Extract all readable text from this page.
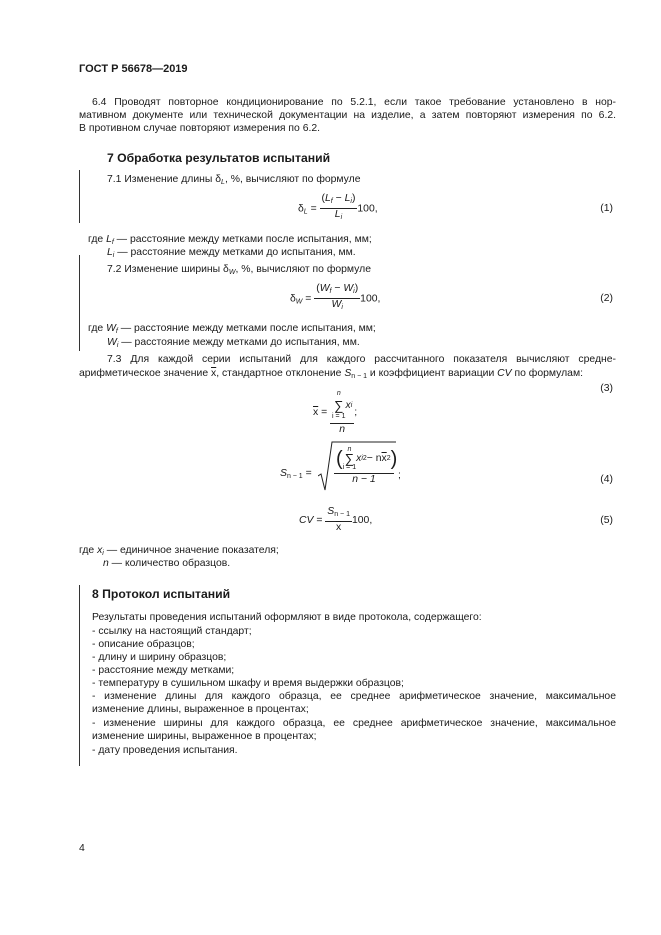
ГОСТ Р 56678—2019
6.4 Проводят повторное кондиционирование по 5.2.1, если такое требование установлено в нор-
мативном документе или технической документации на изделие, а затем повторяют измерения по 6.2.
В противном случае повторяют измерения по 6.2.
7 Обработка результатов испытаний
7.1 Изменение длины $\delta_L$, %, вычисляют по формуле
$\delta_L = \frac{(L_f - L_i)}{L_i} 100$,	(1)
где $L_f$ — расстояние между метками после испытания, мм;
$L_i$ — расстояние между метками до испытания, мм.
7.2 Изменение ширины $\delta_W$, %, вычисляют по формуле
$\delta_W = \frac{(W_f - W_i)}{W_i} 100$,	(2)
где $W_f$ — расстояние между метками после испытания, мм;
$W_i$ — расстояние между метками до испытания, мм.
7.3 Для каждой серии испытаний для каждого рассчитанного показателя вычисляют средне-
арифметическое значение $\overline{x}$, стандартное отклонение $S_{n - 1}$ и коэффициент вариации CV по формулам:
$\overline{x} = n$
∑
i = 1
x i
n ;
(3)
$S_{n - 1}$ =
( n
∑
i = 1
x i 2 − n $\overline{x}$ 2 )
n − 1	;	(4)
CV = $\frac{S_{n - 1}}{x} 100$,	(5)
где $x_i$ — единичное значение показателя;
n — количество образцов.
8 Протокол испытаний
Результаты проведения испытаний оформляют в виде протокола, содержащего:
- ссылку на настоящий стандарт;
- описание образцов;
- длину и ширину образцов;
- расстояние между метками;
- температуру в сушильном шкафу и время выдержки образцов;
- изменение длины для каждого образца, ее среднее арифметическое значение, максимальное
изменение длины, выраженное в процентах;
- изменение ширины для каждого образца, ее среднее арифметическое значение, максимальное
изменение ширины, выраженное в процентах;
- дату проведения испытания.
4
